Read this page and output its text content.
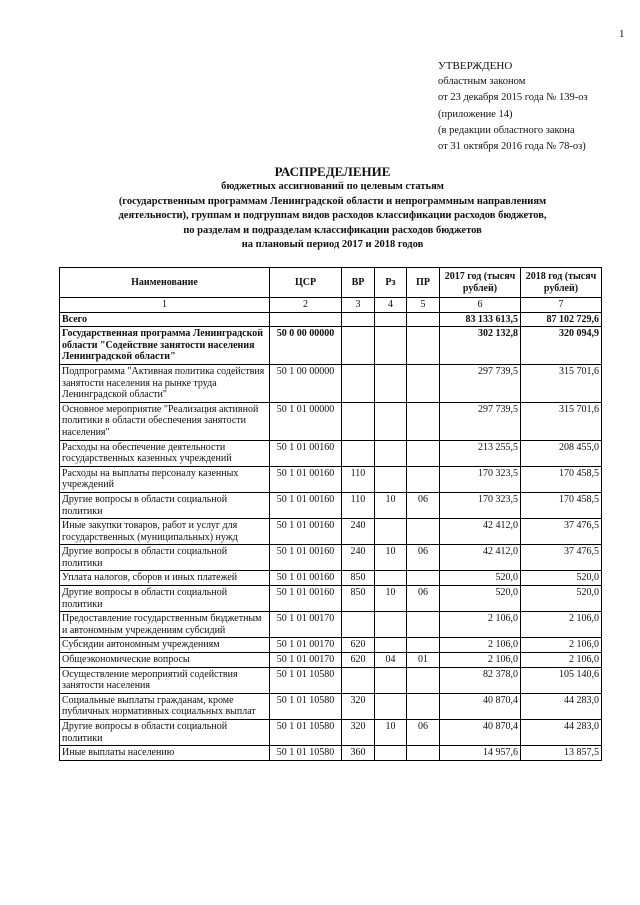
1
УТВЕРЖДЕНО
областным законом
от 23 декабря 2015 года № 139-оз
(приложение 14)
(в редакции областного закона
от 31 октября 2016 года № 78-оз)
РАСПРЕДЕЛЕНИЕ
бюджетных ассигнований по целевым статьям
(государственным программам Ленинградской области и непрограммным направлениям
деятельности), группам и подгруппам видов расходов классификации расходов бюджетов,
по разделам и подразделам классификации расходов бюджетов
на плановый период 2017 и 2018 годов
Наименование	ЦСР	ВР	Рз	ПР	2017 год (тысяч рублей)	2018 год (тысяч рублей)
1	2	3	4	5	6	7
Всего					83 133 613,5	87 102 729,6
Государственная программа Ленинградской области "Содействие занятости населения Ленинградской области"	50 0 00 00000				302 132,8	320 094,9
Подпрограмма "Активная политика содействия занятости населения на рынке труда Ленинградской области"	50 1 00 00000				297 739,5	315 701,6
Основное мероприятие "Реализация активной политики в области обеспечения занятости населения"	50 1 01 00000				297 739,5	315 701,6
Расходы на обеспечение деятельности государственных казенных учреждений	50 1 01 00160				213 255,5	208 455,0
Расходы на выплаты персоналу казенных учреждений	50 1 01 00160	110			170 323,5	170 458,5
Другие вопросы в области социальной политики	50 1 01 00160	110	10	06	170 323,5	170 458,5
Иные закупки товаров, работ и услуг для государственных (муниципальных) нужд	50 1 01 00160	240			42 412,0	37 476,5
Другие вопросы в области социальной политики	50 1 01 00160	240	10	06	42 412,0	37 476,5
Уплата налогов, сборов и иных платежей	50 1 01 00160	850			520,0	520,0
Другие вопросы в области социальной политики	50 1 01 00160	850	10	06	520,0	520,0
Предоставление государственным бюджетным и автономным учреждениям субсидий	50 1 01 00170				2 106,0	2 106,0
Субсидии автономным учреждениям	50 1 01 00170	620			2 106,0	2 106,0
Общеэкономические вопросы	50 1 01 00170	620	04	01	2 106,0	2 106,0
Осуществление мероприятий содействия занятости населения	50 1 01 10580				82 378,0	105 140,6
Социальные выплаты гражданам, кроме публичных нормативных социальных выплат	50 1 01 10580	320			40 870,4	44 283,0
Другие вопросы в области социальной политики	50 1 01 10580	320	10	06	40 870,4	44 283,0
Иные выплаты населению	50 1 01 10580	360			14 957,6	13 857,5
